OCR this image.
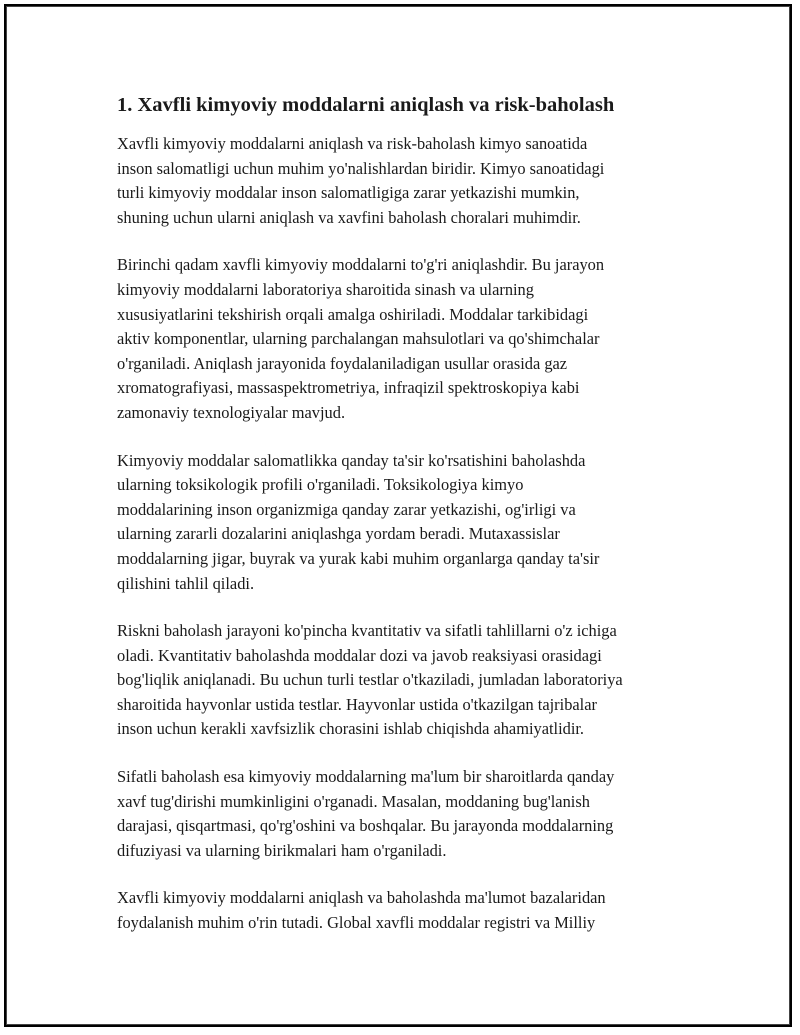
1. Xavfli kimyoviy moddalarni aniqlash va risk-baholash
Xavfli kimyoviy moddalarni aniqlash va risk-baholash kimyo sanoatida
inson salomatligi uchun muhim yo'nalishlardan biridir. Kimyo sanoatidagi
turli kimyoviy moddalar inson salomatligiga zarar yetkazishi mumkin,
shuning uchun ularni aniqlash va xavfini baholash choralari muhimdir.
Birinchi qadam xavfli kimyoviy moddalarni to'g'ri aniqlashdir. Bu jarayon
kimyoviy moddalarni laboratoriya sharoitida sinash va ularning
xususiyatlarini tekshirish orqali amalga oshiriladi. Moddalar tarkibidagi
aktiv komponentlar, ularning parchalangan mahsulotlari va qo'shimchalar
o'rganiladi. Aniqlash jarayonida foydalaniladigan usullar orasida gaz
xromatografiyasi, massaspektrometriya, infraqizil spektroskopiya kabi
zamonaviy texnologiyalar mavjud.
Kimyoviy moddalar salomatlikka qanday ta'sir ko'rsatishini baholashda
ularning toksikologik profili o'rganiladi. Toksikologiya kimyo
moddalarining inson organizmiga qanday zarar yetkazishi, og'irligi va
ularning zararli dozalarini aniqlashga yordam beradi. Mutaxassislar
moddalarning jigar, buyrak va yurak kabi muhim organlarga qanday ta'sir
qilishini tahlil qiladi.
Riskni baholash jarayoni ko'pincha kvantitativ va sifatli tahlillarni o'z ichiga
oladi. Kvantitativ baholashda moddalar dozi va javob reaksiyasi orasidagi
bog'liqlik aniqlanadi. Bu uchun turli testlar o'tkaziladi, jumladan laboratoriya
sharoitida hayvonlar ustida testlar. Hayvonlar ustida o'tkazilgan tajribalar
inson uchun kerakli xavfsizlik chorasini ishlab chiqishda ahamiyatlidir.
Sifatli baholash esa kimyoviy moddalarning ma'lum bir sharoitlarda qanday
xavf tug'dirishi mumkinligini o'rganadi. Masalan, moddaning bug'lanish
darajasi, qisqartmasi, qo'rg'oshini va boshqalar. Bu jarayonda moddalarning
difuziyasi va ularning birikmalari ham o'rganiladi.
Xavfli kimyoviy moddalarni aniqlash va baholashda ma'lumot bazalaridan
foydalanish muhim o'rin tutadi. Global xavfli moddalar registri va Milliy
